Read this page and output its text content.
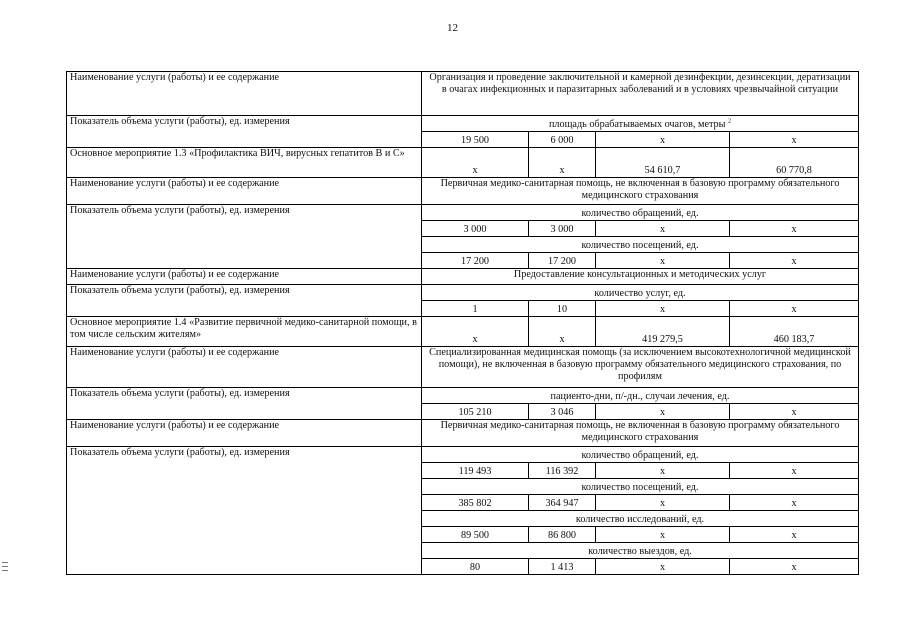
12
Наименование услуги (работы) и ее содержание	Организация и проведение заключительной и камерной дезинфекции, дезинсекции, дератизации в очагах инфекционных и паразитарных заболеваний и в условиях чрезвычайной ситуации			
Показатель объема услуги (работы), ед. измерения	площадь обрабатываемых очагов, метры $^2$
	19 500	6 000	х	х
Основное мероприятие 1.3 «Профилактика ВИЧ, вирусных гепатитов В и С»	х	х	54 610,7	60 770,8
Наименование услуги (работы) и ее содержание	Первичная медико-санитарная помощь, не включенная в базовую программу обязательного медицинского страхования			
Показатель объема услуги (работы), ед. измерения	количество обращений, ед.			
	3 000	3 000	х	х
	количество посещений, ед.			
	17 200	17 200	х	х
Наименование услуги (работы) и ее содержание	Предоставление консультационных и методических услуг			
Показатель объема услуги (работы), ед. измерения	количество услуг, ед.			
	1	10	х	х
Основное мероприятие 1.4 «Развитие первичной медико-санитарной помощи, в том числе сельским жителям»	х	х	419 279,5	460 183,7
Наименование услуги (работы) и ее содержание	Специализированная медицинская помощь (за исключением высокотехнологичной медицинской помощи), не включенная в базовую программу обязательного медицинского страхования, по профилям			
Показатель объема услуги (работы), ед. измерения	пациенто-дни, п/-дн., случаи лечения, ед.			
	105 210	3 046	х	х
Наименование услуги (работы) и ее содержание	Первичная медико-санитарная помощь, не включенная в базовую программу обязательного медицинского страхования			
Показатель объема услуги (работы), ед. измерения	количество обращений, ед.			
	119 493	116 392	х	х
	количество посещений, ед.			
	385 802	364 947	х	х
	количество исследований, ед.			
	89 500	86 800	х	х
	количество выездов, ед.			
	80	1 413	х	х
